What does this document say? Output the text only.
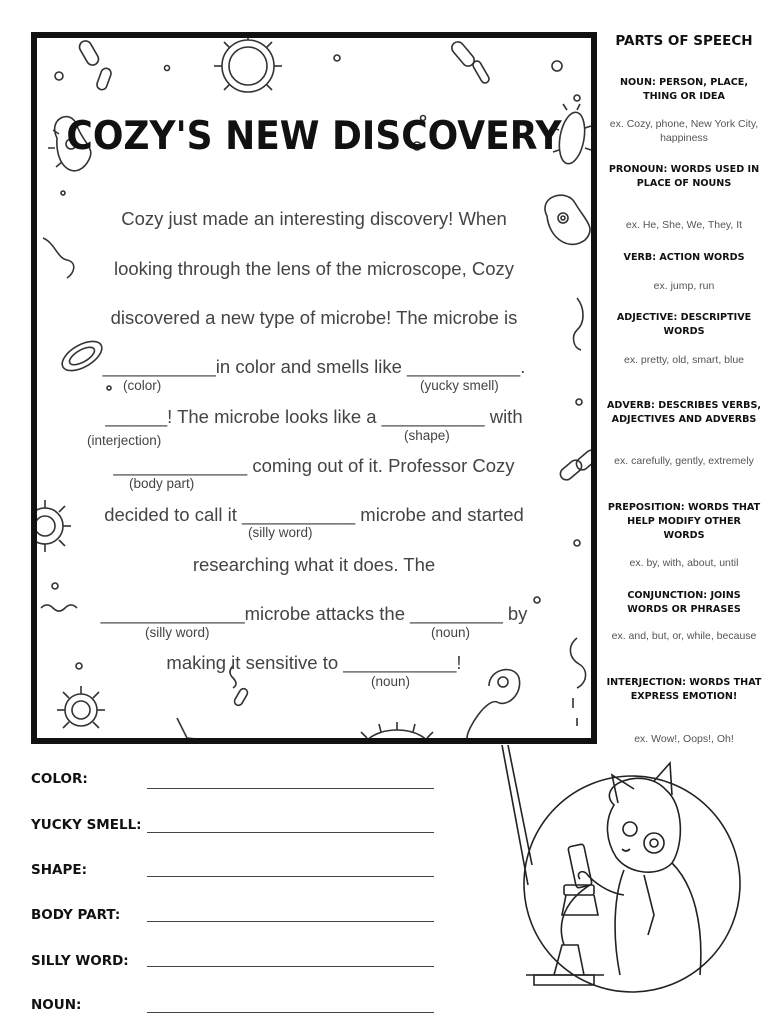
COZY'S NEW DISCOVERY
Cozy just made an interesting discovery! When
looking through the lens of the microscope, Cozy
discovered a new type of microbe! The microbe is
___________in color and smells like ___________.
(color)	(yucky smell)
______! The microbe looks like a __________ with
(interjection)	(shape)
_____________ coming out of it. Professor Cozy
(body part)
decided to call it ___________ microbe and started
(silly word)
researching what it does. The
______________microbe attacks the _________ by
(silly word)	(noun)
making it sensitive to ___________!
(noun)
PARTS OF SPEECH
NOUN: PERSON, PLACE, THING OR IDEA
ex. Cozy, phone, New York City, happiness
PRONOUN: WORDS USED IN PLACE OF NOUNS
ex. He, She, We, They, It
VERB: ACTION WORDS
ex. jump, run
ADJECTIVE: DESCRIPTIVE WORDS
ex. pretty, old, smart, blue
ADVERB: DESCRIBES VERBS, ADJECTIVES AND ADVERBS
ex. carefully, gently, extremely
PREPOSITION: WORDS THAT HELP MODIFY OTHER WORDS
ex. by, with, about, until
CONJUNCTION: JOINS WORDS OR PHRASES
ex. and, but, or, while, because
INTERJECTION: WORDS THAT EXPRESS EMOTION!
ex. Wow!, Oops!, Oh!
COLOR:
YUCKY SMELL:
SHAPE:
BODY PART:
SILLY WORD:
NOUN:
